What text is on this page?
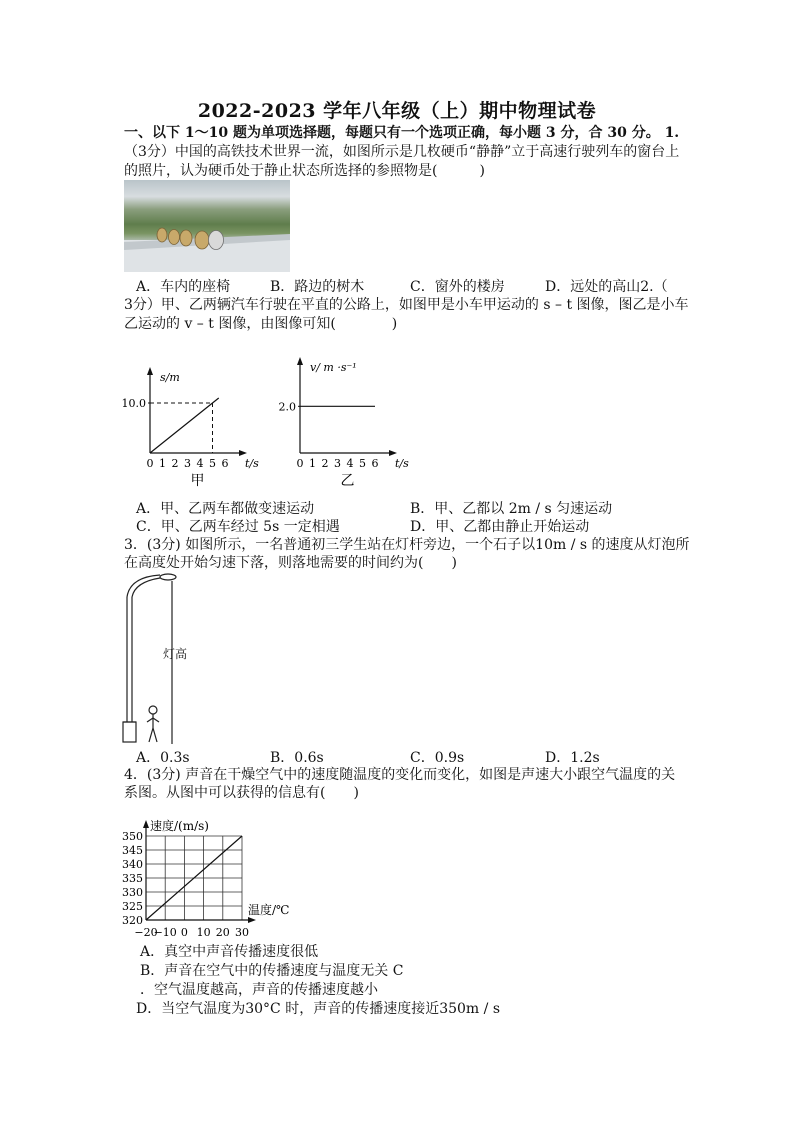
2022-2023 学年八年级（上）期中物理试卷
一、以下 1～10 题为单项选择题，每题只有一个选项正确，每小题 3 分，合 30 分。 1.
（3分）中国的高铁技术世界一流，如图所示是几枚硬币“静静”立于高速行驶列车的窗台上
的照片，认为硬币处于静止状态所选择的参照物是(　　　)
A．车内的座椅	B．路边的树木	C．窗外的楼房	D．远处的高山2.（
3分）甲、乙两辆汽车行驶在平直的公路上，如图甲是小车甲运动的 s – t 图像，图乙是小车
乙运动的 v – t 图像，由图像可知(　　　　)
0 1 2 3 4 5 6 t/s
s/m
10.0
甲
0 1 2 3 4 5 6 t/s
v/ m ·s⁻¹
2.0
乙
A．甲、乙两车都做变速运动	B．甲、乙都以 2m / s 匀速运动
C．甲、乙两车经过 5s 一定相遇	D．甲、乙都由静止开始运动
3．(3分) 如图所示，一名普通初三学生站在灯杆旁边，一个石子以10m / s 的速度从灯泡所
在高度处开始匀速下落，则落地需要的时间约为(　　)
灯高
A．0.3s	B．0.6s	C．0.9s	D．1.2s
4．(3分) 声音在干燥空气中的速度随温度的变化而变化，如图是声速大小跟空气温度的关
系图。从图中可以获得的信息有(　　)
350
345
340
335
330
325
320
−20
−10 0 10 20 30
温度/℃
速度/(m/s)
A．真空中声音传播速度很低
B．声音在空气中的传播速度与温度无关 C
．空气温度越高，声音的传播速度越小
D．当空气温度为30°C 时，声音的传播速度接近350m / s
